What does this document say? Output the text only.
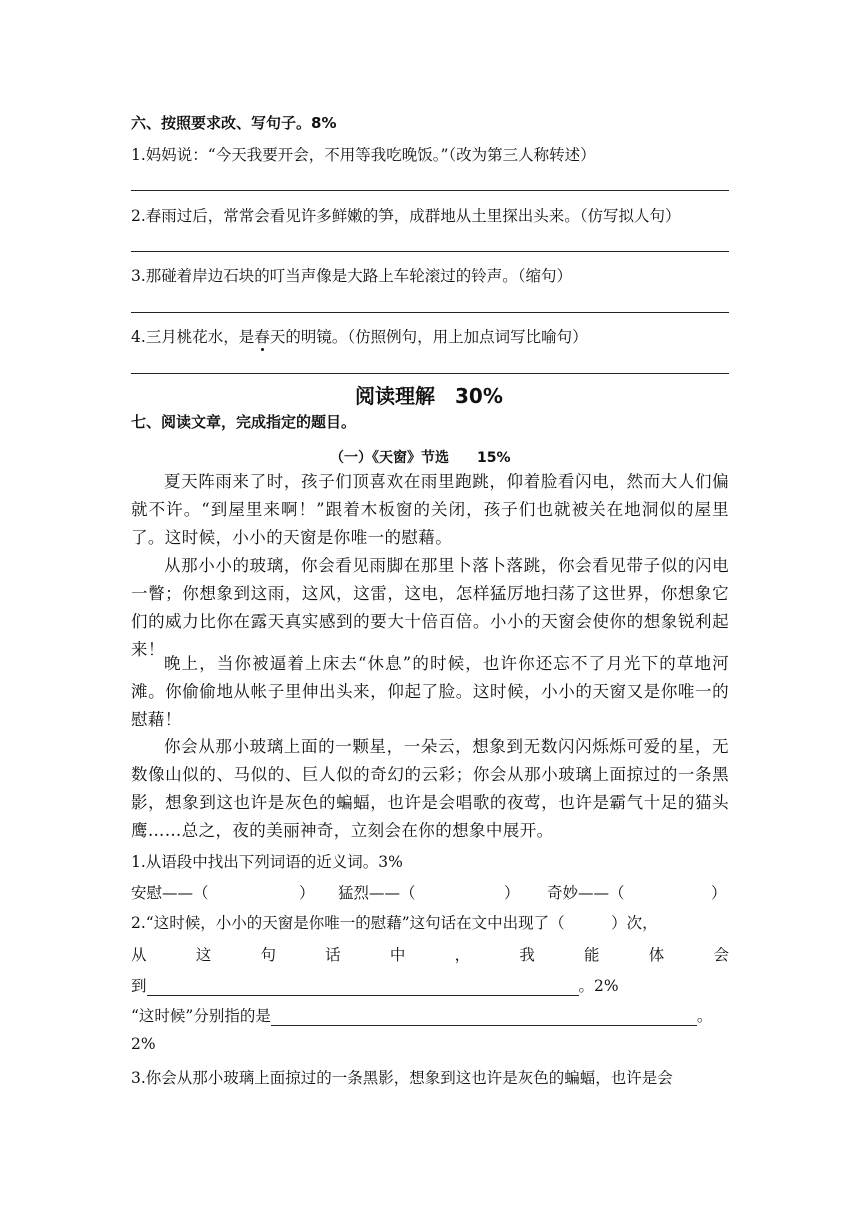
六、按照要求改、写句子。8%
1.妈妈说：“今天我要开会，不用等我吃晚饭。”（改为第三人称转述）
2.春雨过后，常常会看见许多鲜嫩的笋，成群地从土里探出头来。（仿写拟人句）
3.那碰着岸边石块的叮当声像是大路上车轮滚过的铃声。（缩句）
4.三月桃花水，是春天的明镜。（仿照例句，用上加点词写比喻句）
阅读理解　30%
七、阅读文章，完成指定的题目。
（一）《天窗》节选　　15%
夏天阵雨来了时，孩子们顶喜欢在雨里跑跳，仰着脸看闪电，然而大人们偏就不许。“到屋里来啊！”跟着木板窗的关闭，孩子们也就被关在地洞似的屋里了。这时候，小小的天窗是你唯一的慰藉。
从那小小的玻璃，你会看见雨脚在那里卜落卜落跳，你会看见带子似的闪电一瞥；你想象到这雨，这风，这雷，这电，怎样猛厉地扫荡了这世界，你想象它们的威力比你在露天真实感到的要大十倍百倍。小小的天窗会使你的想象锐利起来！
晚上，当你被逼着上床去“休息”的时候，也许你还忘不了月光下的草地河滩。你偷偷地从帐子里伸出头来，仰起了脸。这时候，小小的天窗又是你唯一的慰藉！
你会从那小玻璃上面的一颗星，一朵云，想象到无数闪闪烁烁可爱的星，无数像山似的、马似的、巨人似的奇幻的云彩；你会从那小玻璃上面掠过的一条黑影，想象到这也许是灰色的蝙蝠，也许是会唱歌的夜莺，也许是霸气十足的猫头鹰……总之，夜的美丽神奇，立刻会在你的想象中展开。
1.从语段中找出下列词语的近义词。3%
安慰——（	） 猛烈——（	） 奇妙——（	）
2.“这时候，小小的天窗是你唯一的慰藉”这句话在文中出现了（　　　）次，
从	这	句	话	中	，	我	能	体	会
到	。2%
“这时候”分别指的是	。
2%
3.你会从那小玻璃上面掠过的一条黑影，想象到这也许是灰色的蝙蝠，也许是会
